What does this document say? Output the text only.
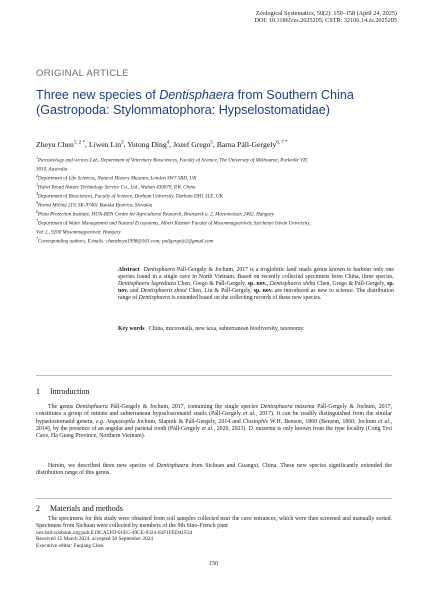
Zoological Systematics, 50(2): 150–158 (April 24, 2025)
DOI: 10.11865/zs.2025205; CSTR: 32106.14.zs.2025205
ORIGINAL ARTICLE
Three new species of Dentisphaera from Southern China
(Gastropoda: Stylommatophora: Hypselostomatidae)
Zheyu Chen$^{1, 2 *}$, Liwen Lin$^3$, Yutong Ding$^4$, Jozef Grego$^5$, Barna Páll-Gergely$^{6, 7 *}$
$^1$Parasitology and vectors Lab, Department of Veterinary Biosciences, Faculty of Science, The University of Melbourne, Parkville VIC
3010, Australia
$^2$Department of Life Sciences, Natural History Museum, London SW7 5BD, UK
$^3$Hubei Broad Nature Technology Service Co., Ltd., Wuhan 430079, P.R. China
$^4$Department of Biosciences, Faculty of Science, Durham University, Durham DH1 3LE, UK
$^5$Horná Mičiná 219, SK-97401 Banská Bystrica, Slovakia
$^6$Plant Protection Institute, HUN-REN Centre for Agricultural Research, Brunszvik u. 2, Martonvásár, 2462, Hungary
$^7$Department of Water Management and Natural Ecosystems, Albert Kázmér Faculty of Mosonmagyaróvár, Széchenyi István University,
Vár 2., 9200 Mosonmagyaróvár, Hungary
*Corresponding authors, E-mails: chenzheyu1998@163.com; pallgergely2@gmail.com
Abstract Dentisphaera Páll-Gergely & Jochum, 2017 is a troglobitic land snails genus known to harbour only one species found in a single cave in North Vietnam. Based on recently collected specimens from China, three species, Dentisphaera lagrediaea Chen, Grego & Páll-Gergely, sp. nov., Dentisphaera shiha Chen, Grego & Páll-Gergely, sp. nov. and Dentisphaera zhoui Chen, Lin & Páll-Gergely, sp. nov. are introduced as new to science. The distribution range of Dentisphaera is extended based on the collecting records of these new species.
Key words China, microsnails, new taxa, subterranean biodiversity, taxonomy.
1 Introduction
The genus Dentisphaera Páll-Gergely & Jochum, 2017, containing the single species Dentisphaera maxema Páll-Gergely & Jochum, 2017, constitutes a group of minute and subterranean hypselostomatid snails (Páll-Gergely et al., 2017). It can be readily distinguished from the similar hypselostomatid genera, e.g. Angustopila Jochum, Slapnik & Páll-Gergely, 2014 and Clostophis W.H. Benson, 1860 (Benson, 1860; Jochum et al., 2014), by the presence of an angular and parietal tooth (Páll-Gergely et al., 2020, 2023). D. maxema is only known from the type locality (Cong Troi Cave, Ha Giang Province, Northern Vietnam).
Herein, we described three new species of Dentisphaera from Sichuan and Guangxi, China. These new species significantly extended the distribution range of this genus.
2 Materials and methods
The specimens for this study were obtained from soil samples collected near the cave entrances, which were then screened and manually sorted. Specimens from Sichuan were collected by members of the 9th Sino-French joint
urn:lsid:zoobank.org:pub:E19CA5FD-01EC-49CE-8324-02F1FED41F24
Received 15 March 2024, accepted 30 September 2024
Executive editor: Fuqiang Chen
150
